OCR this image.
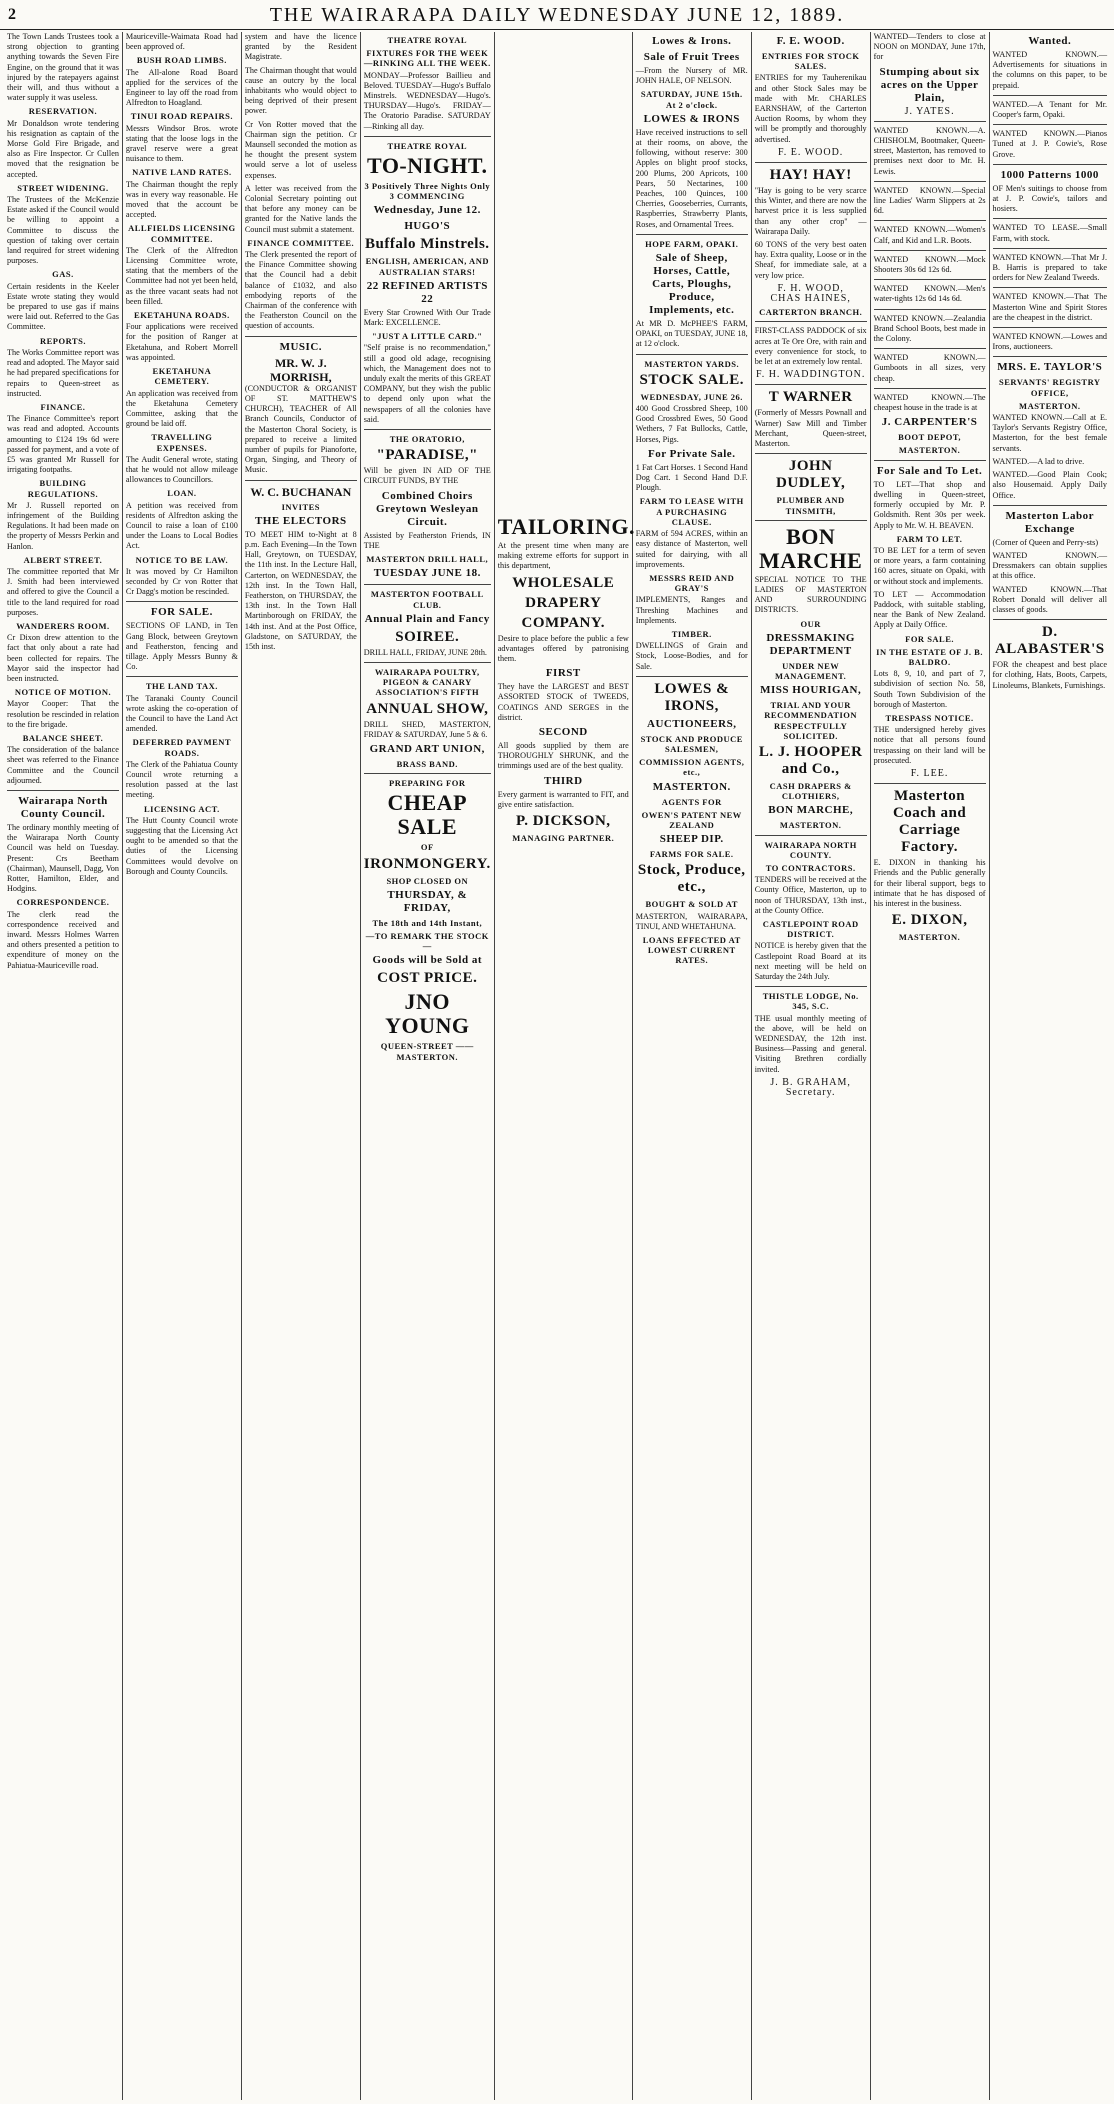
2	THE WAIRARAPA DAILY WEDNESDAY JUNE 12, 1889.

The Town Lands Trustees took a strong objection to granting anything towards the Seven Fire Engine, on the ground that it was injured by the ratepayers against their will, and thus without a water supply it was useless.

RESERVATION.

Mr Donaldson wrote tendering his resignation as captain of the Morse Gold Fire Brigade, and also as Fire Inspector. Cr Cullen moved that the resignation be accepted.

STREET WIDENING.

The Trustees of the McKenzie Estate asked if the Council would be willing to appoint a Committee to discuss the question of taking over certain land required for street widening purposes.

GAS.

Certain residents in the Keeler Estate wrote stating they would be prepared to use gas if mains were laid out. Referred to the Gas Committee.

REPORTS.

The Works Committee report was read and adopted. The Mayor said he had prepared specifications for repairs to Queen-street as instructed.

FINANCE.

The Finance Committee's report was read and adopted. Accounts amounting to £124 19s 6d were passed for payment, and a vote of £5 was granted Mr Russell for irrigating footpaths.

BUILDING REGULATIONS.

Mr J. Russell reported on infringement of the Building Regulations. It had been made on the property of Messrs Perkin and Hanlon.

ALBERT STREET.

The committee reported that Mr J. Smith had been interviewed and offered to give the Council a title to the land required for road purposes.

WANDERERS ROOM.

Cr Dixon drew attention to the fact that only about a rate had been collected for repairs. The Mayor said the inspector had been instructed.

NOTICE OF MOTION.

Mayor Cooper: That the resolution be rescinded in relation to the fire brigade.

BALANCE SHEET.

The consideration of the balance sheet was referred to the Finance Committee and the Council adjourned.

Wairarapa North County Council.

The ordinary monthly meeting of the Wairarapa North County Council was held on Tuesday. Present: Crs Beetham (Chairman), Maunsell, Dagg, Von Rotter, Hamilton, Elder, and Hodgins.

CORRESPONDENCE.

The clerk read the correspondence received and inward. Messrs Holmes Warren and others presented a petition to expenditure of money on the Pahiatua-Mauriceville road.

Mauriceville-Waimata Road had been approved of.

BUSH ROAD LIMBS.

The All-alone Road Board applied for the services of the Engineer to lay off the road from Alfredton to Hoagland.

TINUI ROAD REPAIRS.

Messrs Windsor Bros. wrote stating that the loose logs in the gravel reserve were a great nuisance to them.

NATIVE LAND RATES.

The Chairman thought the reply was in every way reasonable. He moved that the account be accepted.

ALLFIELDS LICENSING COMMITTEE.

The Clerk of the Alfredton Licensing Committee wrote, stating that the members of the Committee had not yet been held, as the three vacant seats had not been filled.

EKETAHUNA ROADS.

Four applications were received for the position of Ranger at Eketahuna, and Robert Morrell was appointed.

EKETAHUNA CEMETERY.

An application was received from the Eketahuna Cemetery Committee, asking that the ground be laid off.

TRAVELLING EXPENSES.

The Audit General wrote, stating that he would not allow mileage allowances to Councillors.

LOAN.

A petition was received from residents of Alfredton asking the Council to raise a loan of £100 under the Loans to Local Bodies Act.

NOTICE TO BE LAW.

It was moved by Cr Hamilton seconded by Cr von Rotter that Cr Dagg's motion be rescinded.

FOR SALE.

SECTIONS OF LAND, in Ten Gang Block, between Greytown and Featherston, fencing and tillage. Apply Messrs Bunny & Co.

THE LAND TAX.

The Taranaki County Council wrote asking the co-operation of the Council to have the Land Act amended.

DEFERRED PAYMENT ROADS.

The Clerk of the Pahiatua County Council wrote returning a resolution passed at the last meeting.

LICENSING ACT.

The Hutt County Council wrote suggesting that the Licensing Act ought to be amended so that the duties of the Licensing Committees would devolve on Borough and County Councils.

system and have the licence granted by the Resident Magistrate.

The Chairman thought that would cause an outcry by the local inhabitants who would object to being deprived of their present power.

Cr Von Rotter moved that the Chairman sign the petition. Cr Maunsell seconded the motion as he thought the present system would serve a lot of useless expenses.

A letter was received from the Colonial Secretary pointing out that before any money can be granted for the Native lands the Council must submit a statement.

FINANCE COMMITTEE.

The Clerk presented the report of the Finance Committee showing that the Council had a debit balance of £1032, and also embodying reports of the Chairman of the conference with the Featherston Council on the question of accounts.

MUSIC.
MR. W. J. MORRISH,

(CONDUCTOR & ORGANIST OF ST. MATTHEW'S CHURCH), TEACHER of All Branch Councils, Conductor of the Masterton Choral Society, is prepared to receive a limited number of pupils for Pianoforte, Organ, Singing, and Theory of Music.

W. C. BUCHANAN
INVITES
THE ELECTORS

TO MEET HIM to-Night at 8 p.m. Each Evening—In the Town Hall, Greytown, on TUESDAY, the 11th inst. In the Lecture Hall, Carterton, on WEDNESDAY, the 12th inst. In the Town Hall, Featherston, on THURSDAY, the 13th inst. In the Town Hall Martinborough on FRIDAY, the 14th inst. And at the Post Office, Gladstone, on SATURDAY, the 15th inst.

THEATRE ROYAL
FIXTURES FOR THE WEEK—RINKING ALL THE WEEK.

MONDAY—Professor Baillieu and Beloved. TUESDAY—Hugo's Buffalo Minstrels. WEDNESDAY—Hugo's. THURSDAY—Hugo's. FRIDAY—The Oratorio Paradise. SATURDAY—Rinking all day.

THEATRE ROYAL
TO-NIGHT.
3 Positively Three Nights Only 3 COMMENCING
Wednesday, June 12.
HUGO'S
Buffalo Minstrels.
ENGLISH, AMERICAN, AND AUSTRALIAN STARS!
22 REFINED ARTISTS 22

Every Star Crowned With Our Trade Mark: EXCELLENCE.

"JUST A LITTLE CARD."

"Self praise is no recommendation," still a good old adage, recognising which, the Management does not to unduly exalt the merits of this GREAT COMPANY, but they wish the public to depend only upon what the newspapers of all the colonies have said.

THE ORATORIO,
"PARADISE,"

Will be given IN AID OF THE CIRCUIT FUNDS, BY THE

Combined Choirs Greytown Wesleyan Circuit.

Assisted by Featherston Friends, IN THE

MASTERTON DRILL HALL,
TUESDAY JUNE 18.
MASTERTON FOOTBALL CLUB.
Annual Plain and Fancy
SOIREE.

DRILL HALL, FRIDAY, JUNE 28th.

WAIRARAPA POULTRY, PIGEON & CANARY ASSOCIATION'S FIFTH
ANNUAL SHOW,

DRILL SHED, MASTERTON, FRIDAY & SATURDAY, June 5 & 6.

GRAND ART UNION,
BRASS BAND.
PREPARING FOR
CHEAP SALE
OF
IRONMONGERY.
SHOP CLOSED ON
THURSDAY, & FRIDAY,
The 18th and 14th Instant,
—TO REMARK THE STOCK—
Goods will be Sold at
COST PRICE.
JNO YOUNG
QUEEN-STREET ——MASTERTON.
TAILORING.

At the present time when many are making extreme efforts for support in this department,

WHOLESALE
DRAPERY
COMPANY.

Desire to place before the public a few advantages offered by patronising them.

FIRST

They have the LARGEST and BEST ASSORTED STOCK of TWEEDS, COATINGS AND SERGES in the district.

SECOND

All goods supplied by them are THOROUGHLY SHRUNK, and the trimmings used are of the best quality.

THIRD

Every garment is warranted to FIT, and give entire satisfaction.

P. DICKSON,
MANAGING PARTNER.
Lowes & Irons.
Sale of Fruit Trees

—From the Nursery of MR. JOHN HALE, OF NELSON.

SATURDAY, JUNE 15th. At 2 o'clock.
LOWES & IRONS

Have received instructions to sell at their rooms, on above, the following, without reserve: 300 Apples on blight proof stocks, 200 Plums, 200 Apricots, 100 Pears, 50 Nectarines, 100 Peaches, 100 Quinces, 100 Cherries, Gooseberries, Currants, Raspberries, Strawberry Plants, Roses, and Ornamental Trees.

HOPE FARM, OPAKI.
Sale of Sheep, Horses, Cattle, Carts, Ploughs, Produce, Implements, etc.

At MR D. McPHEE'S FARM, OPAKI, on TUESDAY, JUNE 18, at 12 o'clock.

MASTERTON YARDS.
STOCK SALE.
WEDNESDAY, JUNE 26.

400 Good Crossbred Sheep, 100 Good Crossbred Ewes, 50 Good Wethers, 7 Fat Bullocks, Cattle, Horses, Pigs.

For Private Sale.

1 Fat Cart Horses. 1 Second Hand Dog Cart. 1 Second Hand D.F. Plough.

FARM TO LEASE WITH A PURCHASING CLAUSE.

FARM of 594 ACRES, within an easy distance of Masterton, well suited for dairying, with all improvements.

MESSRS REID AND GRAY'S

IMPLEMENTS, Ranges and Threshing Machines and Implements.

TIMBER.

DWELLINGS of Grain and Stock, Loose-Bodies, and for Sale.

LOWES & IRONS,
AUCTIONEERS,
STOCK AND PRODUCE SALESMEN,
COMMISSION AGENTS, etc.,
MASTERTON.
AGENTS FOR
OWEN'S PATENT NEW ZEALAND
SHEEP DIP.
FARMS FOR SALE.
Stock, Produce, etc.,
BOUGHT & SOLD AT

MASTERTON, WAIRARAPA, TINUI, AND WHETAHUNA.

LOANS EFFECTED AT LOWEST CURRENT RATES.
F. E. WOOD.
ENTRIES FOR STOCK SALES.

ENTRIES for my Tauherenikau and other Stock Sales may be made with Mr. CHARLES EARNSHAW, of the Carterton Auction Rooms, by whom they will be promptly and thoroughly advertised.

F. E. WOOD.
HAY! HAY!

"Hay is going to be very scarce this Winter, and there are now the harvest price it is less supplied than any other crop" — Wairarapa Daily.

60 TONS of the very best oaten hay. Extra quality, Loose or in the Sheaf, for immediate sale, at a very low price.

F. H. WOOD,
CHAS HAINES,
CARTERTON BRANCH.

FIRST-CLASS PADDOCK of six acres at Te Ore Ore, with rain and every convenience for stock, to be let at an extremely low rental.

F. H. WADDINGTON.
T WARNER

(Formerly of Messrs Pownall and Warner) Saw Mill and Timber Merchant, Queen-street, Masterton.

JOHN DUDLEY,
PLUMBER AND TINSMITH,
BON MARCHE

SPECIAL NOTICE TO THE LADIES OF MASTERTON AND SURROUNDING DISTRICTS.

OUR
DRESSMAKING DEPARTMENT
UNDER NEW MANAGEMENT.
MISS HOURIGAN,
TRIAL AND YOUR RECOMMENDATION RESPECTFULLY SOLICITED.
L. J. HOOPER and Co.,
CASH DRAPERS & CLOTHIERS,
BON MARCHE,
MASTERTON.
WAIRARAPA NORTH COUNTY.
TO CONTRACTORS.

TENDERS will be received at the County Office, Masterton, up to noon of THURSDAY, 13th inst., at the County Office.

CASTLEPOINT ROAD DISTRICT.

NOTICE is hereby given that the Castlepoint Road Board at its next meeting will be held on Saturday the 24th July.

THISTLE LODGE, No. 345, S.C.

THE usual monthly meeting of the above, will be held on WEDNESDAY, the 12th inst. Business—Passing and general. Visiting Brethren cordially invited.

J. B. GRAHAM, Secretary.

WANTED—Tenders to close at NOON on MONDAY, June 17th, for

Stumping about six acres on the Upper Plain,
J. YATES.

WANTED KNOWN.—A. CHISHOLM, Bootmaker, Queen-street, Masterton, has removed to premises next door to Mr. H. Lewis.

WANTED KNOWN.—Special line Ladies' Warm Slippers at 2s 6d.

WANTED KNOWN.—Women's Calf, and Kid and L.R. Boots.

WANTED KNOWN.—Mock Shooters 30s 6d 12s 6d.

WANTED KNOWN.—Men's water-tights 12s 6d 14s 6d.

WANTED KNOWN.—Zealandia Brand School Boots, best made in the Colony.

WANTED KNOWN.—Gumboots in all sizes, very cheap.

WANTED KNOWN.—The cheapest house in the trade is at

J. CARPENTER'S
BOOT DEPOT,
MASTERTON.
For Sale and To Let.

TO LET—That shop and dwelling in Queen-street, formerly occupied by Mr. P. Goldsmith. Rent 30s per week. Apply to Mr. W. H. BEAVEN.

FARM TO LET.

TO BE LET for a term of seven or more years, a farm containing 160 acres, situate on Opaki, with or without stock and implements.

TO LET — Accommodation Paddock, with suitable stabling, near the Bank of New Zealand. Apply at Daily Office.

FOR SALE.
IN THE ESTATE OF J. B. BALDRO.

Lots 8, 9, 10, and part of 7, subdivision of section No. 58, South Town Subdivision of the borough of Masterton.

TRESPASS NOTICE.

THE undersigned hereby gives notice that all persons found trespassing on their land will be prosecuted.

F. LEE.
Masterton Coach and Carriage Factory.

E. DIXON in thanking his Friends and the Public generally for their liberal support, begs to intimate that he has disposed of his interest in the business.

E. DIXON,
MASTERTON.
Wanted.

WANTED KNOWN.—Advertisements for situations in the columns on this paper, to be prepaid.

WANTED.—A Tenant for Mr. Cooper's farm, Opaki.

WANTED KNOWN.—Pianos Tuned at J. P. Cowie's, Rose Grove.

1000 Patterns 1000

OF Men's suitings to choose from at J. P. Cowie's, tailors and hosiers.

WANTED TO LEASE.—Small Farm, with stock.

WANTED KNOWN.—That Mr J. B. Harris is prepared to take orders for New Zealand Tweeds.

WANTED KNOWN.—That The Masterton Wine and Spirit Stores are the cheapest in the district.

WANTED KNOWN.—Lowes and Irons, auctioneers.

MRS. E. TAYLOR'S
SERVANTS' REGISTRY OFFICE,
MASTERTON.

WANTED KNOWN.—Call at E. Taylor's Servants Registry Office, Masterton, for the best female servants.

WANTED.—A lad to drive.

WANTED.—Good Plain Cook; also Housemaid. Apply Daily Office.

Masterton Labor Exchange

(Corner of Queen and Perry-sts)

WANTED KNOWN.—Dressmakers can obtain supplies at this office.

WANTED KNOWN.—That Robert Donald will deliver all classes of goods.

D. ALABASTER'S

FOR the cheapest and best place for clothing, Hats, Boots, Carpets, Linoleums, Blankets, Furnishings.
